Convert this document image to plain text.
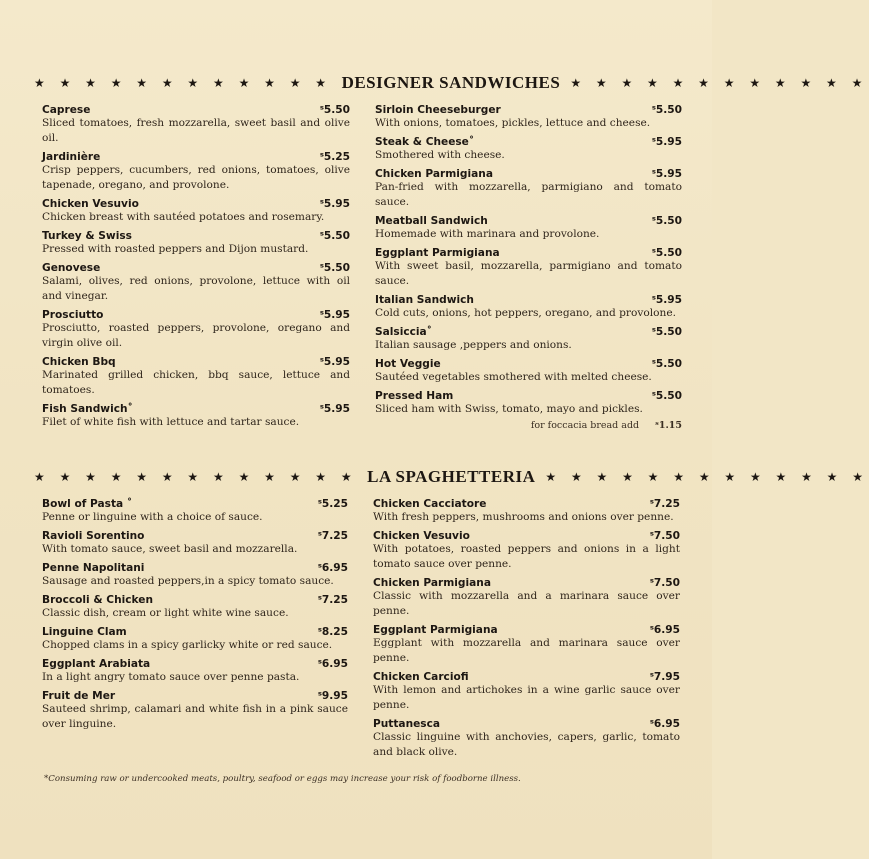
★ ★ ★ ★ ★ ★ ★ ★ ★ ★ ★ ★ DESIGNER SANDWICHES ★ ★ ★ ★ ★ ★ ★ ★ ★ ★ ★ ★
Caprese	ˢ5.50
Sliced tomatoes, fresh mozzarella, sweet basil and olive oil.
Jardinière	ˢ5.25
Crisp peppers, cucumbers, red onions, tomatoes, olive tapenade, oregano, and provolone.
Chicken Vesuvio	ˢ5.95
Chicken breast with sautéed potatoes and rosemary.
Turkey & Swiss	ˢ5.50
Pressed with roasted peppers and Dijon mustard.
Genovese	ˢ5.50
Salami, olives, red onions, provolone, lettuce with oil and vinegar.
Prosciutto	ˢ5.95
Prosciutto, roasted peppers, provolone, oregano and virgin olive oil.
Chicken Bbq	ˢ5.95
Marinated grilled chicken, bbq sauce, lettuce and tomatoes.
Fish Sandwich˚	ˢ5.95
Filet of white fish with lettuce and tartar sauce.
Sirloin Cheeseburger	ˢ5.50
With onions, tomatoes, pickles, lettuce and cheese.
Steak & Cheese˚	ˢ5.95
Smothered with cheese.
Chicken Parmigiana	ˢ5.95
Pan-fried with mozzarella, parmigiano and tomato sauce.
Meatball Sandwich	ˢ5.50
Homemade with marinara and provolone.
Eggplant Parmigiana	ˢ5.50
With sweet basil, mozzarella, parmigiano and tomato sauce.
Italian Sandwich	ˢ5.95
Cold cuts, onions, hot peppers, oregano, and provolone.
Salsiccia˚	ˢ5.50
Italian sausage ,peppers and onions.
Hot Veggie	ˢ5.50
Sautéed vegetables smothered with melted cheese.
Pressed Ham	ˢ5.50
Sliced ham with Swiss, tomato, mayo and pickles.
for foccacia bread add ˢ1.15
★ ★ ★ ★ ★ ★ ★ ★ ★ ★ ★ ★ ★ LA SPAGHETTERIA ★ ★ ★ ★ ★ ★ ★ ★ ★ ★ ★ ★ ★
Bowl of Pasta ˚	ˢ5.25
Penne or linguine with a choice of sauce.
Ravioli Sorentino	ˢ7.25
With tomato sauce, sweet basil and mozzarella.
Penne Napolitani	ˢ6.95
Sausage and roasted peppers,in a spicy tomato sauce.
Broccoli & Chicken	ˢ7.25
Classic dish, cream or light white wine sauce.
Linguine Clam	ˢ8.25
Chopped clams in a spicy garlicky white or red sauce.
Eggplant Arabiata	ˢ6.95
In a light angry tomato sauce over penne pasta.
Fruit de Mer	ˢ9.95
Sauteed shrimp, calamari and white fish in a pink sauce over linguine.
Chicken Cacciatore	ˢ7.25
With fresh peppers, mushrooms and onions over penne.
Chicken Vesuvio	ˢ7.50
With potatoes, roasted peppers and onions in a light tomato sauce over penne.
Chicken Parmigiana	ˢ7.50
Classic with mozzarella and a marinara sauce over penne.
Eggplant Parmigiana	ˢ6.95
Eggplant with mozzarella and marinara sauce over penne.
Chicken Carciofi	ˢ7.95
With lemon and artichokes in a wine garlic sauce over penne.
Puttanesca	ˢ6.95
Classic linguine with anchovies, capers, garlic, tomato and black olive.
*Consuming raw or undercooked meats, poultry, seafood or eggs may increase your risk of foodborne illness.
